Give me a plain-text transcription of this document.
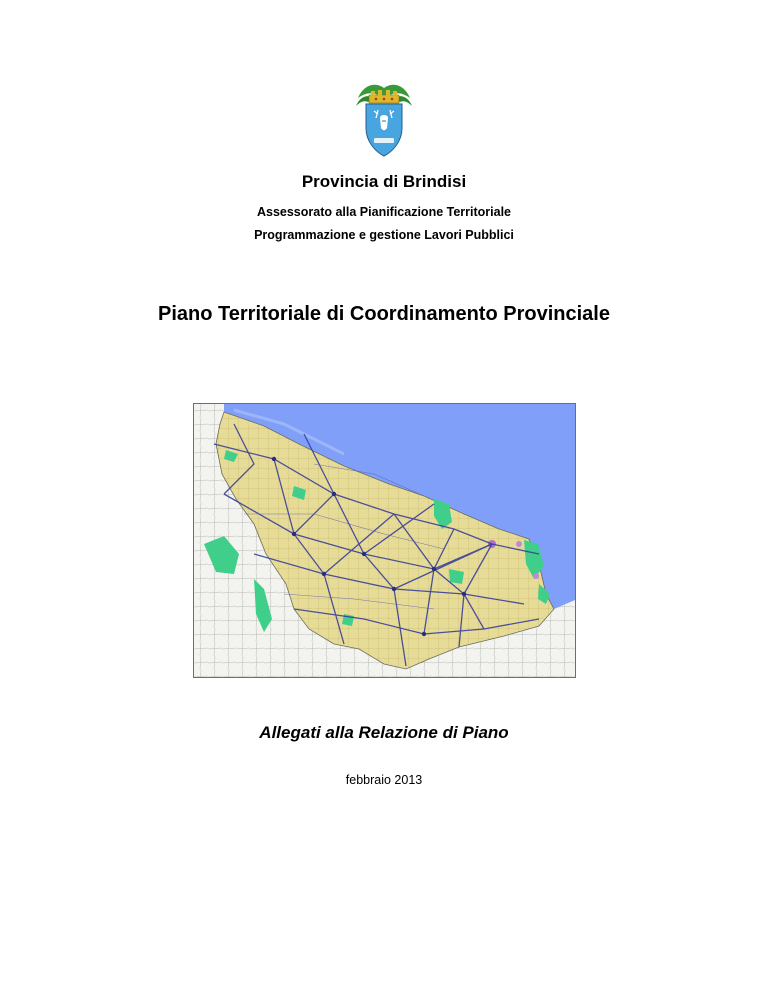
Provincia di Brindisi
Assessorato alla Pianificazione Territoriale
Programmazione e gestione Lavori Pubblici
Piano Territoriale di Coordinamento Provinciale
Allegati alla Relazione di Piano
febbraio 2013
